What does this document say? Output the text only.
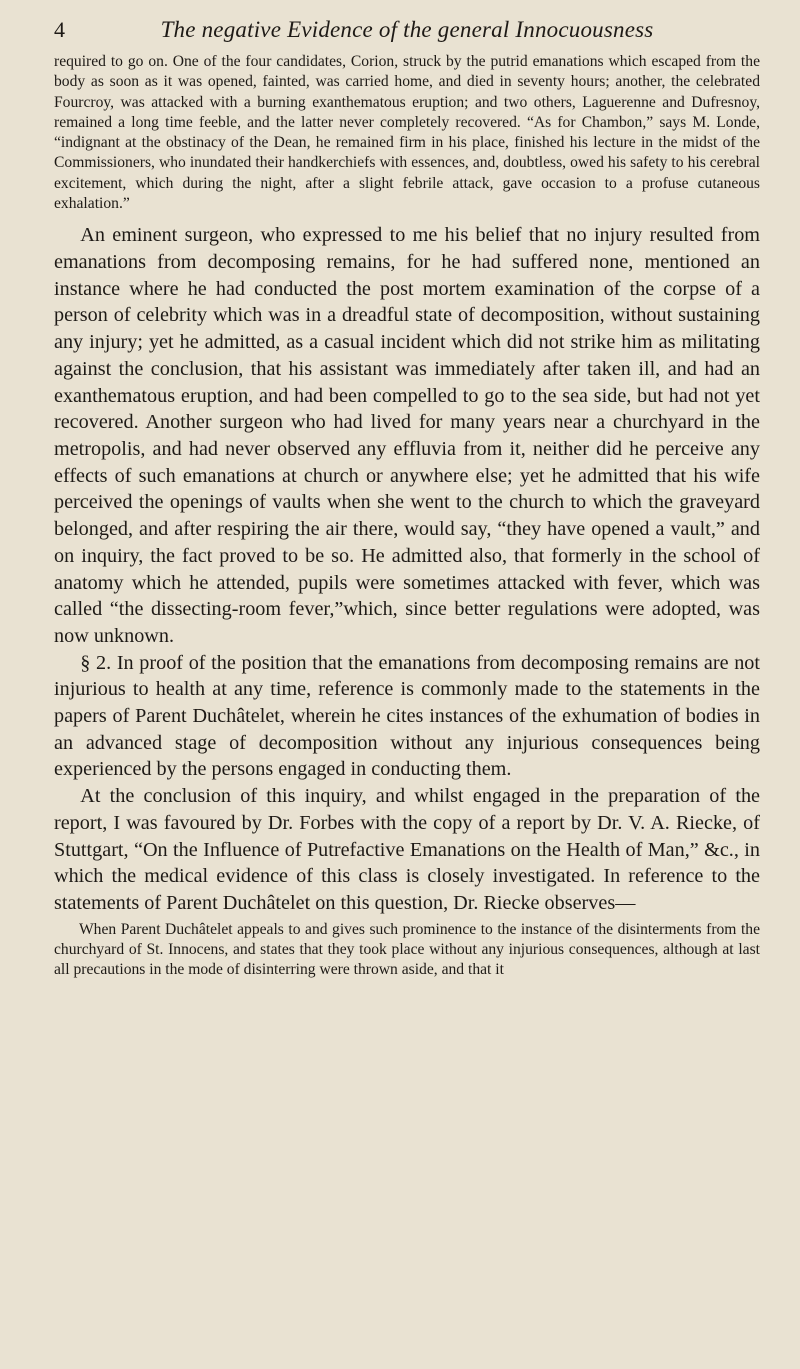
4	The negative Evidence of the general Innocuousness

required to go on. One of the four candidates, Corion, struck by the putrid emanations which escaped from the body as soon as it was opened, fainted, was carried home, and died in seventy hours; another, the celebrated Fourcroy, was attacked with a burning exanthematous eruption; and two others, Laguerenne and Dufresnoy, remained a long time feeble, and the latter never completely recovered. “As for Chambon,” says M. Londe, “indignant at the obstinacy of the Dean, he remained firm in his place, finished his lecture in the midst of the Commissioners, who inundated their handkerchiefs with essences, and, doubtless, owed his safety to his cerebral excitement, which during the night, after a slight febrile attack, gave occasion to a profuse cutaneous exhalation.”

An eminent surgeon, who expressed to me his belief that no injury resulted from emanations from decomposing remains, for he had suffered none, mentioned an instance where he had conducted the post mortem examination of the corpse of a person of celebrity which was in a dreadful state of decomposition, without sustaining any injury; yet he admitted, as a casual incident which did not strike him as militating against the conclusion, that his assistant was immediately after taken ill, and had an exanthematous eruption, and had been compelled to go to the sea side, but had not yet recovered. Another surgeon who had lived for many years near a churchyard in the metropolis, and had never observed any effluvia from it, neither did he perceive any effects of such emanations at church or anywhere else; yet he admitted that his wife perceived the openings of vaults when she went to the church to which the graveyard belonged, and after respiring the air there, would say, “they have opened a vault,” and on inquiry, the fact proved to be so. He admitted also, that formerly in the school of anatomy which he attended, pupils were sometimes attacked with fever, which was called “the dissecting-room fever,”which, since better regulations were adopted, was now unknown.

§ 2. In proof of the position that the emanations from decomposing remains are not injurious to health at any time, reference is commonly made to the statements in the papers of Parent Duchâtelet, wherein he cites instances of the exhumation of bodies in an advanced stage of decomposition without any injurious consequences being experienced by the persons engaged in conducting them.

At the conclusion of this inquiry, and whilst engaged in the preparation of the report, I was favoured by Dr. Forbes with the copy of a report by Dr. V. A. Riecke, of Stuttgart, “On the Influence of Putrefactive Emanations on the Health of Man,” &c., in which the medical evidence of this class is closely investigated. In reference to the statements of Parent Duchâtelet on this question, Dr. Riecke observes—

When Parent Duchâtelet appeals to and gives such prominence to the instance of the disinterments from the churchyard of St. Innocens, and states that they took place without any injurious consequences, although at last all precautions in the mode of disinterring were thrown aside, and that it
